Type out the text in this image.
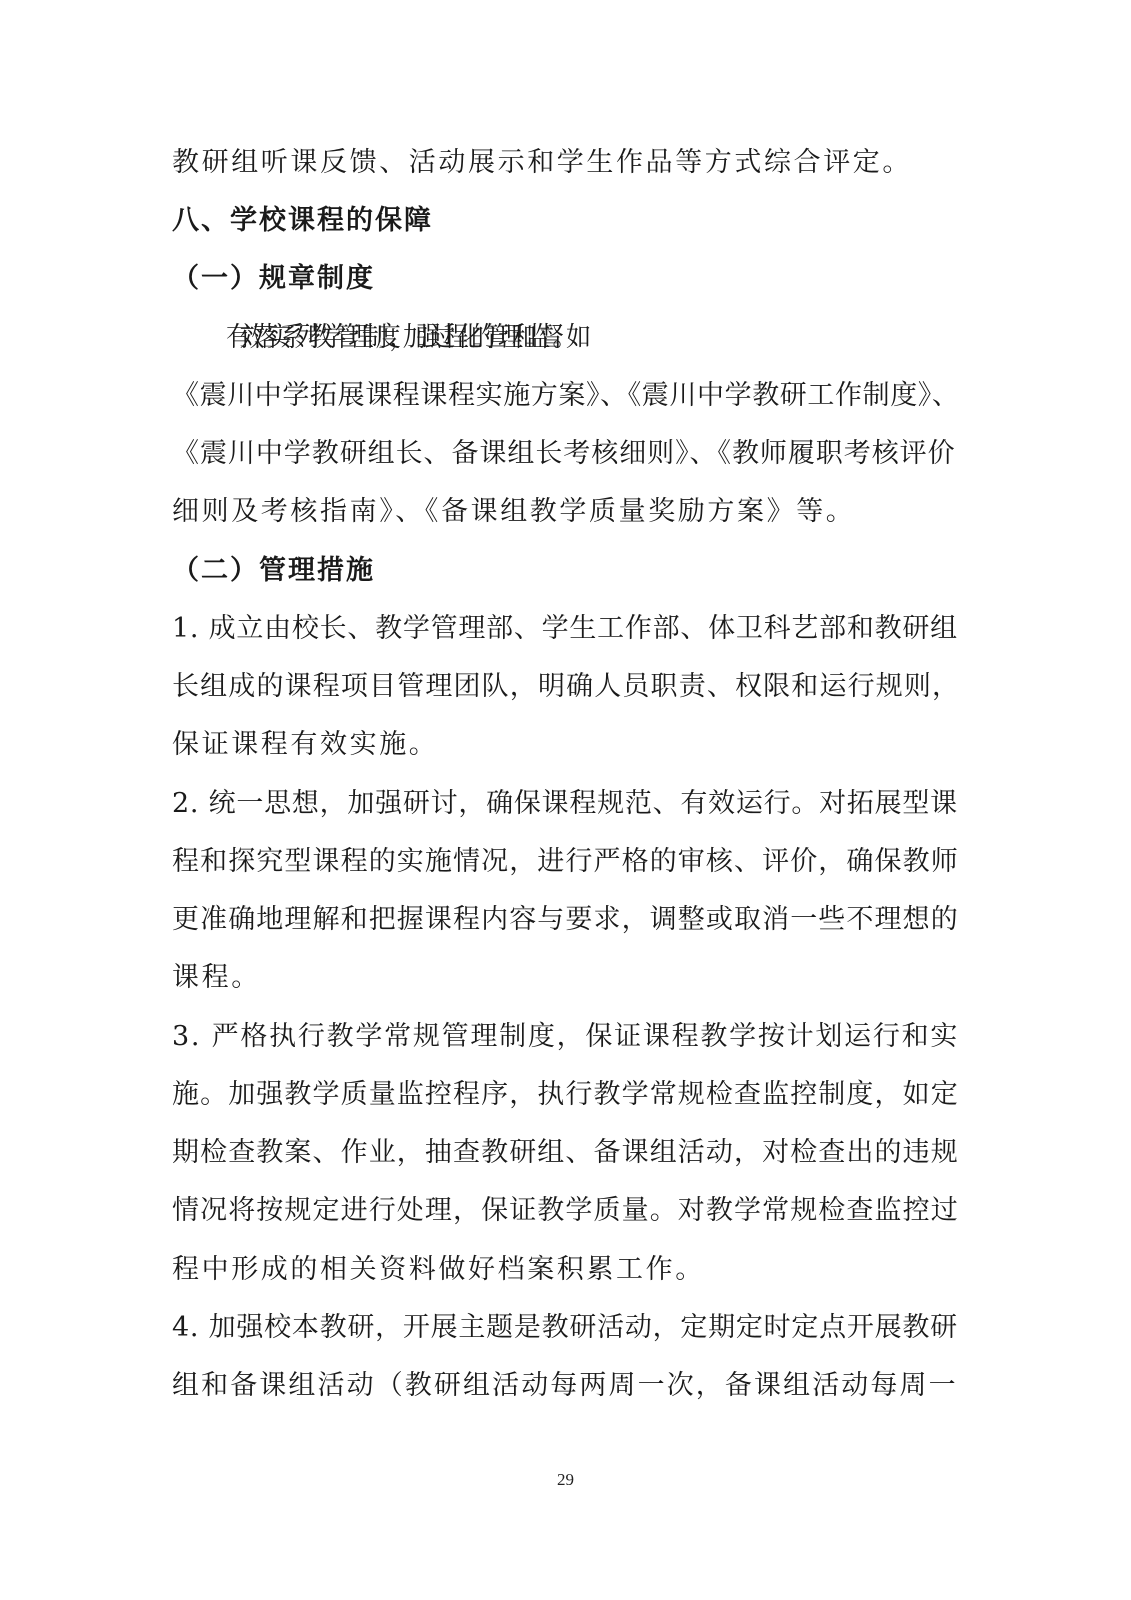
教研组听课反馈、活动展示和学生作品等方式综合评定。
八、学校课程的保障
（一）规章制度
有效落实系列教学管理制度，加强过程化的管理和监督。如
《震川中学拓展课程课程实施方案》、《震川中学教研工作制度》、
《震川中学教研组长、备课组长考核细则》、《教师履职考核评价
细则及考核指南》、《备课组教学质量奖励方案》等。
（二）管理措施
1. 成立由校长、教学管理部、学生工作部、体卫科艺部和教研组
长组成的课程项目管理团队，明确人员职责、权限和运行规则，
保证课程有效实施。
2. 统一思想，加强研讨，确保课程规范、有效运行。对拓展型课
程和探究型课程的实施情况，进行严格的审核、评价，确保教师
更准确地理解和把握课程内容与要求，调整或取消一些不理想的
课程。
3. 严格执行教学常规管理制度，保证课程教学按计划运行和实
施。加强教学质量监控程序，执行教学常规检查监控制度，如定
期检查教案、作业，抽查教研组、备课组活动，对检查出的违规
情况将按规定进行处理，保证教学质量。对教学常规检查监控过
程中形成的相关资料做好档案积累工作。
4. 加强校本教研，开展主题是教研活动，定期定时定点开展教研
组和备课组活动（教研组活动每两周一次，备课组活动每周一
29
